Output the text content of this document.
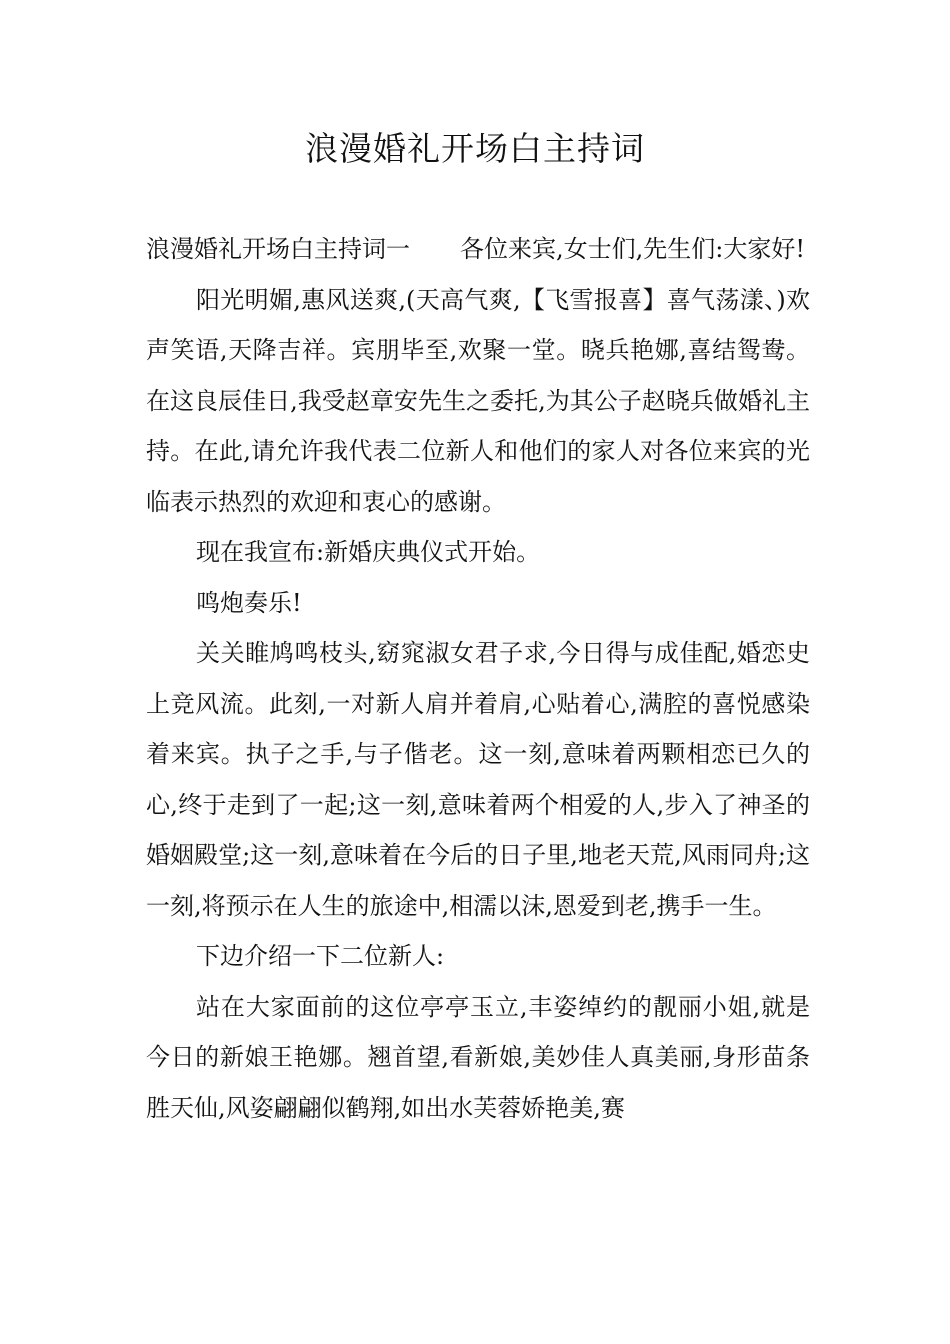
浪漫婚礼开场白主持词

浪漫婚礼开场白主持词一 各位来宾,女士们,先生们:大家好!

阳光明媚,惠风送爽,(天高气爽,【飞雪报喜】喜气荡漾、)欢声笑语,天降吉祥。宾朋毕至,欢聚一堂。晓兵艳娜,喜结鸳鸯。在这良辰佳日,我受赵章安先生之委托,为其公子赵晓兵做婚礼主持。在此,请允许我代表二位新人和他们的家人对各位来宾的光临表示热烈的欢迎和衷心的感谢。

现在我宣布:新婚庆典仪式开始。

鸣炮奏乐!

关关睢鸠鸣枝头,窈窕淑女君子求,今日得与成佳配,婚恋史上竞风流。此刻,一对新人肩并着肩,心贴着心,满腔的喜悦感染着来宾。执子之手,与子偕老。这一刻,意味着两颗相恋已久的心,终于走到了一起;这一刻,意味着两个相爱的人,步入了神圣的婚姻殿堂;这一刻,意味着在今后的日子里,地老天荒,风雨同舟;这一刻,将预示在人生的旅途中,相濡以沫,恩爱到老,携手一生。

下边介绍一下二位新人:

站在大家面前的这位亭亭玉立,丰姿绰约的靓丽小姐,就是今日的新娘王艳娜。翘首望,看新娘,美妙佳人真美丽,身形苗条胜天仙,风姿翩翩似鹤翔,如出水芙蓉娇艳美,赛
